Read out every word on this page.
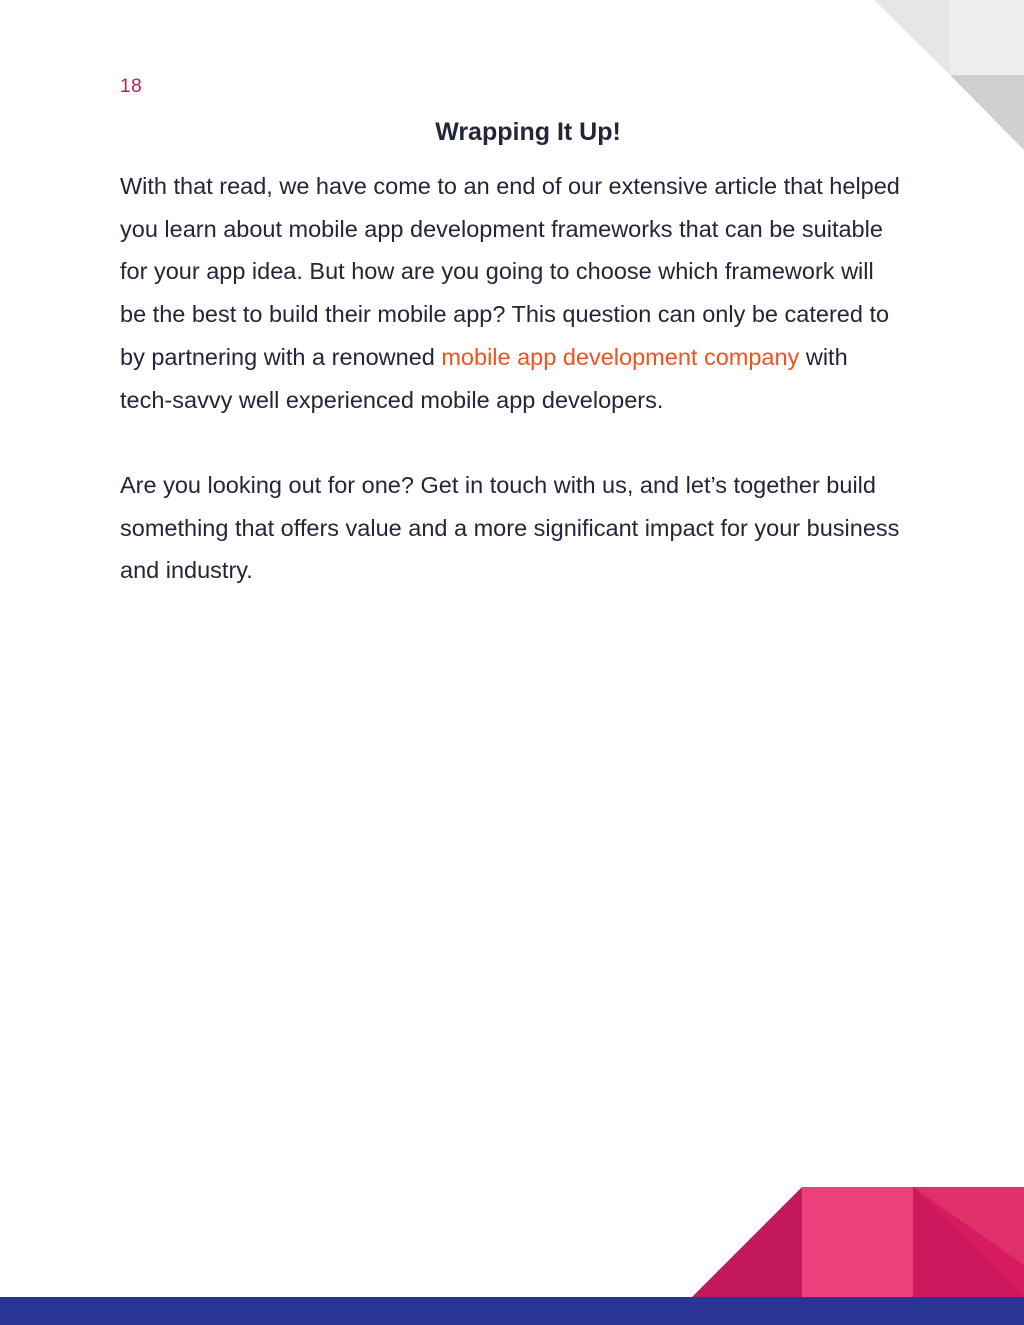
18
Wrapping It Up!

With that read, we have come to an end of our extensive article that helped you learn about mobile app development frameworks that can be suitable for your app idea. But how are you going to choose which framework will be the best to build their mobile app? This question can only be catered to by partnering with a renowned mobile app development company with tech-savvy well experienced mobile app developers.

Are you looking out for one? Get in touch with us, and let’s together build something that offers value and a more significant impact for your business and industry.
